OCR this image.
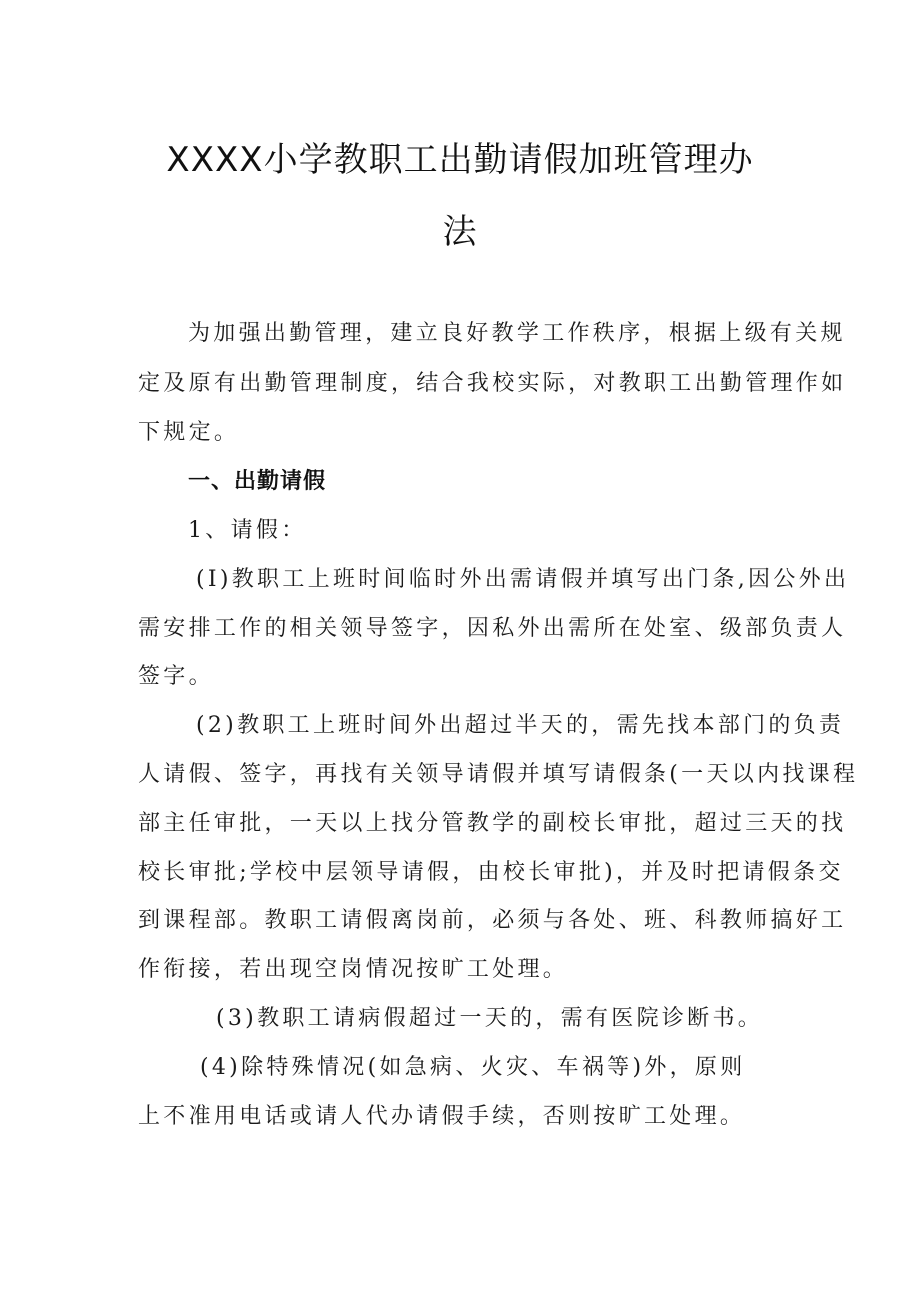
XXXX小学教职工出勤请假加班管理办
法
为加强出勤管理，建立良好教学工作秩序，根据上级有关规
定及原有出勤管理制度，结合我校实际，对教职工出勤管理作如
下规定。
一、出勤请假
1、请假：
(I)教职工上班时间临时外出需请假并填写出门条,因公外出
需安排工作的相关领导签字，因私外出需所在处室、级部负责人
签字。
(2)教职工上班时间外出超过半天的，需先找本部门的负责
人请假、签字，再找有关领导请假并填写请假条(一天以内找课程
部主任审批，一天以上找分管教学的副校长审批，超过三天的找
校长审批;学校中层领导请假，由校长审批)，并及时把请假条交
到课程部。教职工请假离岗前，必须与各处、班、科教师搞好工
作衔接，若出现空岗情况按旷工处理。
(3)教职工请病假超过一天的，需有医院诊断书。
(4)除特殊情况(如急病、火灾、车祸等)外，原则
上不准用电话或请人代办请假手续，否则按旷工处理。
